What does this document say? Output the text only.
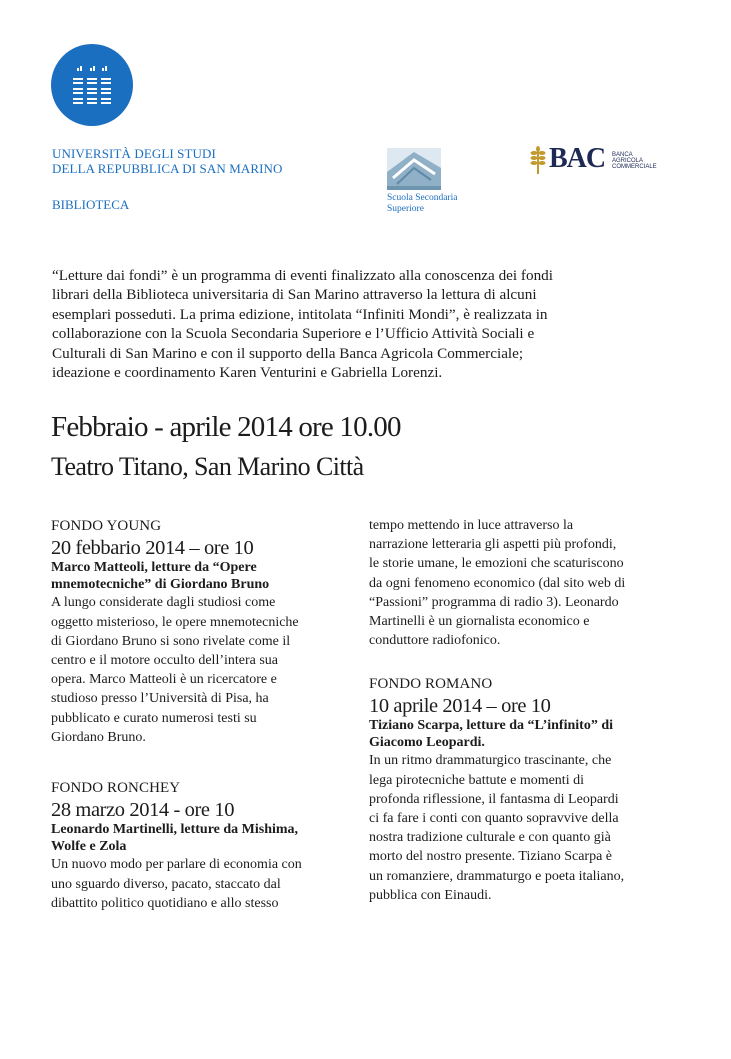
UNIVERSITÀ DEGLI STUDI
DELLA REPUBBLICA DI SAN MARINO
BIBLIOTECA	Scuola Secondaria
Superiore
BAC BANCA
AGRICOLA
COMMERCIALE
“Letture dai fondi” è un programma di eventi finalizzato alla conoscenza dei fondi
librari della Biblioteca universitaria di San Marino attraverso la lettura di alcuni
esemplari posseduti. La prima edizione, intitolata “Infiniti Mondi”, è realizzata in
collaborazione con la Scuola Secondaria Superiore e l’Ufficio Attività Sociali e
Culturali di San Marino e con il supporto della Banca Agricola Commerciale;
ideazione e coordinamento Karen Venturini e Gabriella Lorenzi.
Febbraio - aprile 2014 ore 10.00
Teatro Titano, San Marino Città
FONDO YOUNG
20 febbario 2014 – ore 10
Marco Matteoli, letture da “Opere
mnemotecniche” di Giordano Bruno
A lungo considerate dagli studiosi come
oggetto misterioso, le opere mnemotecniche
di Giordano Bruno si sono rivelate come il
centro e il motore occulto dell’intera sua
opera. Marco Matteoli è un ricercatore e
studioso presso l’Università di Pisa, ha
pubblicato e curato numerosi testi su
Giordano Bruno.
FONDO RONCHEY
28 marzo 2014 - ore 10
Leonardo Martinelli, letture da Mishima,
Wolfe e Zola
Un nuovo modo per parlare di economia con
uno sguardo diverso, pacato, staccato dal
dibattito politico quotidiano e allo stesso
tempo mettendo in luce attraverso la
narrazione letteraria gli aspetti più profondi,
le storie umane, le emozioni che scaturiscono
da ogni fenomeno economico (dal sito web di
“Passioni” programma di radio 3). Leonardo
Martinelli è un giornalista economico e
conduttore radiofonico.
FONDO ROMANO
10 aprile 2014 – ore 10
Tiziano Scarpa, letture da “L’infinito” di
Giacomo Leopardi.
In un ritmo drammaturgico trascinante, che
lega pirotecniche battute e momenti di
profonda riflessione, il fantasma di Leopardi
ci fa fare i conti con quanto sopravvive della
nostra tradizione culturale e con quanto già
morto del nostro presente. Tiziano Scarpa è
un romanziere, drammaturgo e poeta italiano,
pubblica con Einaudi.
